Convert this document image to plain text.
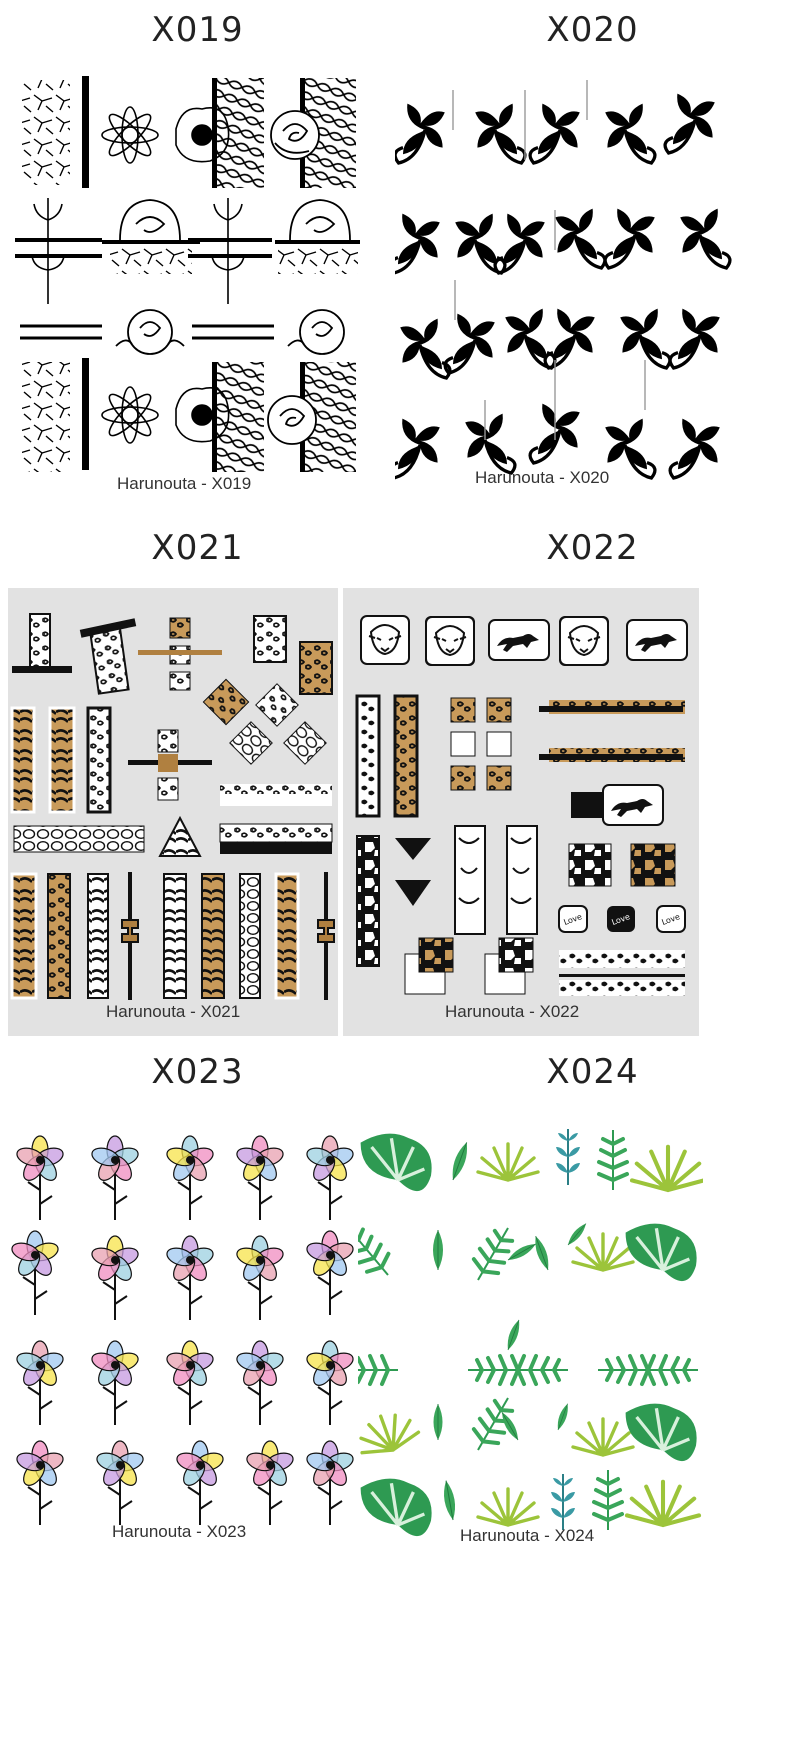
X019	X020
X021	X022
X023	X024
Harunouta - X019	Harunouta - X020
Harunouta - X021
Love	Love	Love
Harunouta - X022
Harunouta - X023	Harunouta - X024
